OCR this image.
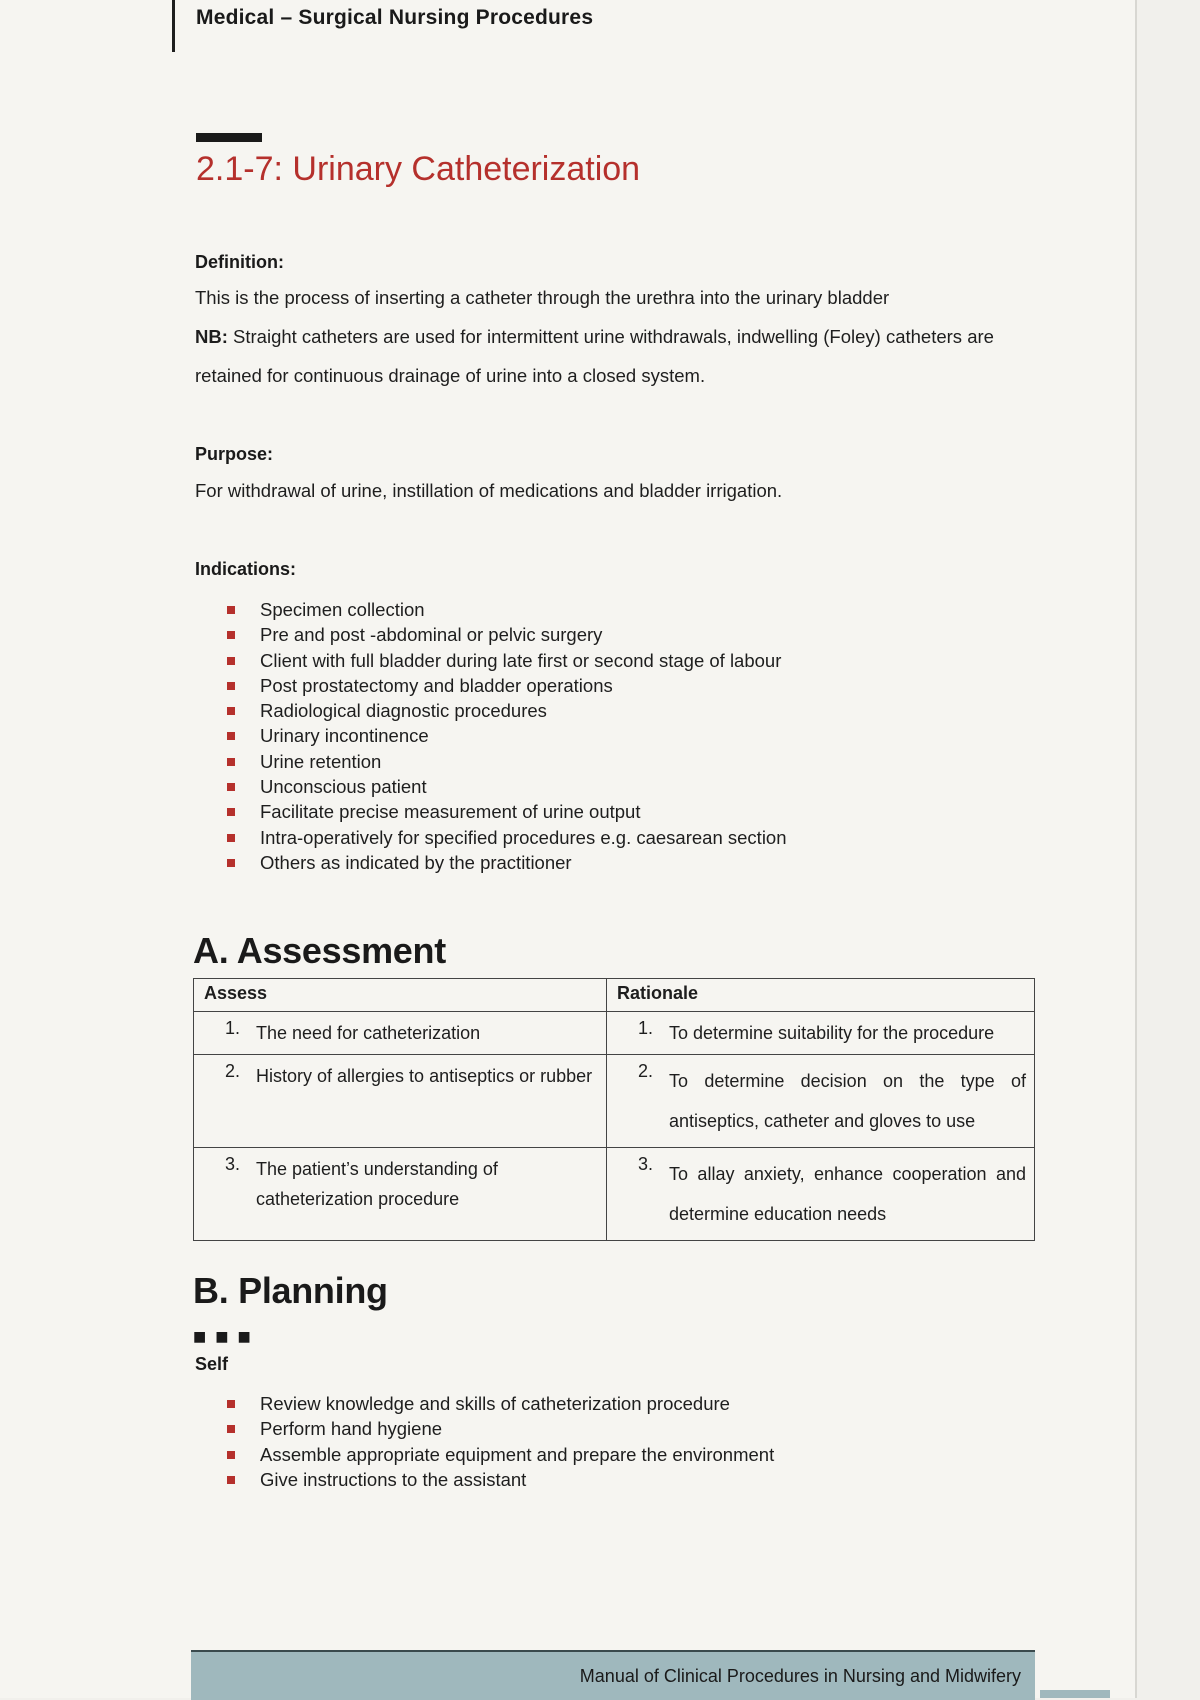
Medical – Surgical Nursing Procedures
2.1-7: Urinary Catheterization
Definition:
This is the process of inserting a catheter through the urethra into the urinary bladder
NB: Straight catheters are used for intermittent urine withdrawals, indwelling (Foley) catheters are retained for continuous drainage of urine into a closed system.
Purpose:
For withdrawal of urine, instillation of medications and bladder irrigation.
Indications:
Specimen collection
Pre and post -abdominal or pelvic surgery
Client with full bladder during late first or second stage of labour
Post prostatectomy and bladder operations
Radiological diagnostic procedures
Urinary incontinence
Urine retention
Unconscious patient
Facilitate precise measurement of urine output
Intra-operatively for specified procedures e.g. caesarean section
Others as indicated by the practitioner
A. Assessment
Assess	Rationale

1. The need for catheterization	1. To determine suitability for the procedure

2. History of allergies to antiseptics or rubber	2. To determine decision on the type of antiseptics, catheter and gloves to use

3. The patient’s understanding of catheterization procedure	3. To allay anxiety, enhance cooperation and determine education needs
B. Planning
■■■
Self
Review knowledge and skills of catheterization procedure
Perform hand hygiene
Assemble appropriate equipment and prepare the environment
Give instructions to the assistant
Manual of Clinical Procedures in Nursing and Midwifery
